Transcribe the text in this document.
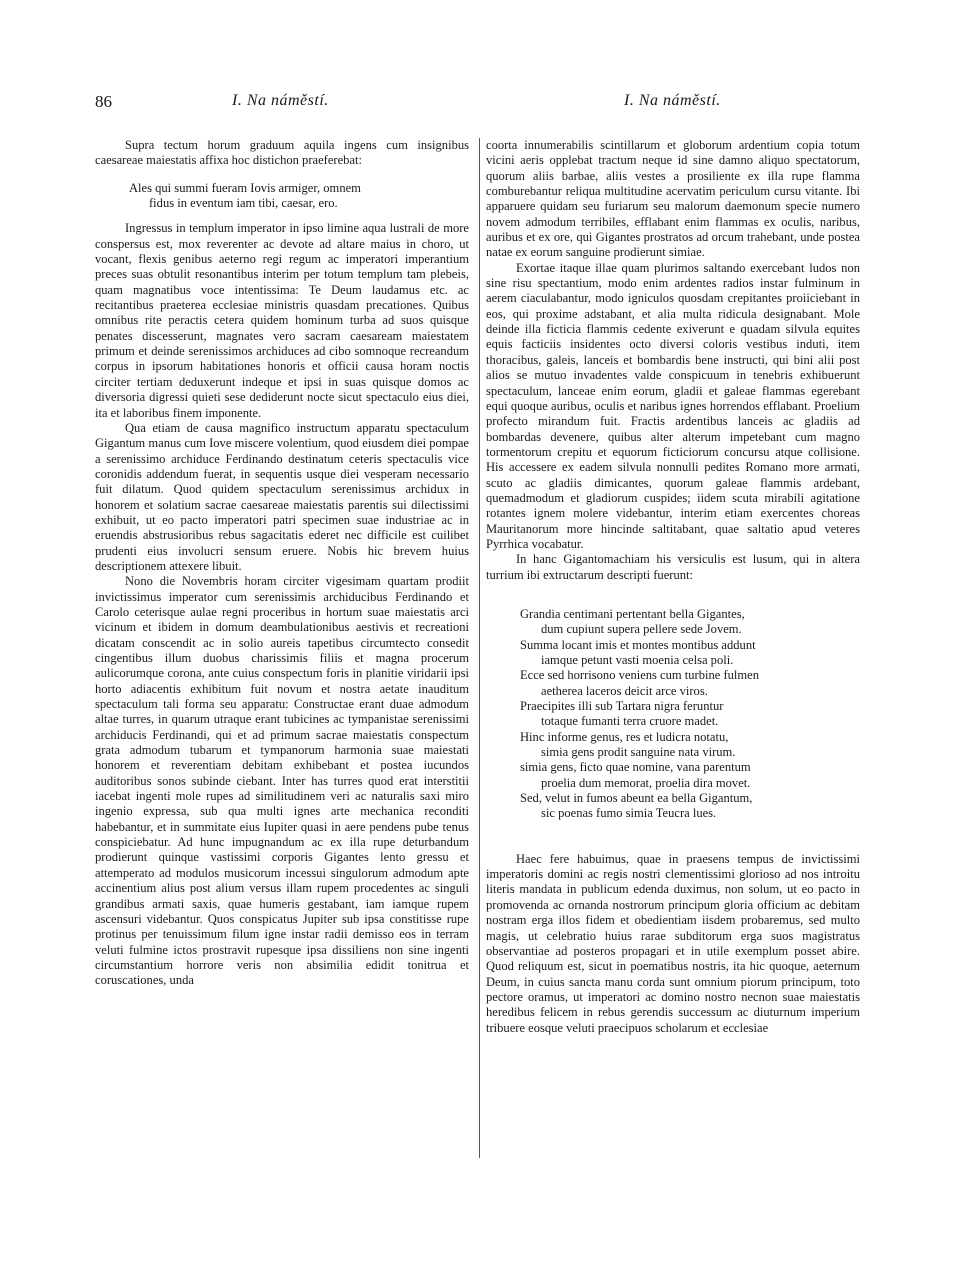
86	I. Na náměstí.	I. Na náměstí.

Supra tectum horum graduum aquila ingens cum insignibus caesareae maiestatis affixa hoc distichon praeferebat:

Ales qui summi fueram Iovis armiger, omnem
fidus in eventum iam tibi, caesar, ero.

Ingressus in templum imperator in ipso limine aqua lustrali de more conspersus est, mox reverenter ac devote ad altare maius in choro, ut vocant, flexis genibus aeterno regi regum ac imperatori imperantium preces suas obtulit resonantibus interim per totum templum tam plebeis, quam magnatibus voce intentissima: Te Deum laudamus etc. ac recitantibus praeterea ecclesiae ministris quasdam precationes. Quibus omnibus rite peractis cetera quidem hominum turba ad suos quisque penates discesserunt, magnates vero sacram caesaream maiestatem primum et deinde serenissimos archiduces ad cibo somnoque recreandum corpus in ipsorum habitationes honoris et officii causa horam noctis circiter tertiam deduxerunt indeque et ipsi in suas quisque domos ac diversoria digressi quieti sese dediderunt nocte sicut spectaculo eius diei, ita et laboribus finem imponente.

Qua etiam de causa magnifico instructum apparatu spectaculum Gigantum manus cum Iove miscere volentium, quod eiusdem diei pompae a serenissimo archiduce Ferdinando destinatum ceteris spectaculis vice coronidis addendum fuerat, in sequentis usque diei vesperam necessario fuit dilatum. Quod quidem spectaculum serenissimus archidux in honorem et solatium sacrae caesareae maiestatis parentis sui dilectissimi exhibuit, ut eo pacto imperatori patri specimen suae industriae ac in eruendis abstrusioribus rebus sagacitatis ederet nec difficile est cuilibet prudenti eius involucri sensum eruere. Nobis hic brevem huius descriptionem attexere libuit.

Nono die Novembris horam circiter vigesimam quartam prodiit invictissimus imperator cum serenissimis archiducibus Ferdinando et Carolo ceterisque aulae regni proceribus in hortum suae maiestatis arci vicinum et ibidem in domum deambulationibus aestivis et recreationi dicatam conscendit ac in solio aureis tapetibus circumtecto consedit cingentibus illum duobus charissimis filiis et magna procerum aulicorumque corona, ante cuius conspectum foris in planitie viridarii ipsi horto adiacentis exhibitum fuit novum et nostra aetate inauditum spectaculum tali forma seu apparatu: Constructae erant duae admodum altae turres, in quarum utraque erant tubicines ac tympanistae serenissimi archiducis Ferdinandi, qui et ad primum sacrae maiestatis conspectum grata admodum tubarum et tympanorum harmonia suae maiestati honorem et reverentiam debitam exhibebant et postea iucundos auditoribus sonos subinde ciebant. Inter has turres quod erat interstitii iacebat ingenti mole rupes ad similitudinem veri ac naturalis saxi miro ingenio expressa, sub qua multi ignes arte mechanica reconditi habebantur, et in summitate eius Iupiter quasi in aere pendens pube tenus conspiciebatur. Ad hunc impugnandum ac ex illa rupe deturbandum prodierunt quinque vastissimi corporis Gigantes lento gressu et attemperato ad modulos musicorum incessui singulorum admodum apte accinentium alius post alium versus illam rupem procedentes ac singuli grandibus armati saxis, quae humeris gestabant, iam iamque rupem ascensuri videbantur. Quos conspicatus Jupiter sub ipsa constitisse rupe protinus per tenuissimum filum igne instar radii demisso eos in terram veluti fulmine ictos prostravit rupesque ipsa dissiliens non sine ingenti circumstantium horrore veris non absimilia edidit tonitrua et coruscationes, unda

coorta innumerabilis scintillarum et globorum ardentium copia totum vicini aeris opplebat tractum neque id sine damno aliquo spectatorum, quorum aliis barbae, aliis vestes a prosiliente ex illa rupe flamma comburebantur reliqua multitudine acervatim periculum cursu vitante. Ibi apparuere quidam seu furiarum seu malorum daemonum specie numero novem admodum terribiles, efflabant enim flammas ex oculis, naribus, auribus et ex ore, qui Gigantes prostratos ad orcum trahebant, unde postea natae ex eorum sanguine prodierunt simiae.

Exortae itaque illae quam plurimos saltando exercebant ludos non sine risu spectantium, modo enim ardentes radios instar fulminum in aerem ciaculabantur, modo igniculos quosdam crepitantes proiiciebant in eos, qui proxime adstabant, et alia multa ridicula designabant. Mole deinde illa ficticia flammis cedente exiverunt e quadam silvula equites equis facticiis insidentes octo diversi coloris vestibus induti, item thoracibus, galeis, lanceis et bombardis bene instructi, qui bini alii post alios se mutuo invadentes valde conspicuum in tenebris exhibuerunt spectaculum, lanceae enim eorum, gladii et galeae flammas egerebant equi quoque auribus, oculis et naribus ignes horrendos efflabant. Proelium profecto mirandum fuit. Fractis ardentibus lanceis ac gladiis ad bombardas devenere, quibus alter alterum impetebant cum magno tormentorum crepitu et equorum ficticiorum concursu atque collisione. His accessere ex eadem silvula nonnulli pedites Romano more armati, scuto ac gladiis dimicantes, quorum galeae flammis ardebant, quemadmodum et gladiorum cuspides; iidem scuta mirabili agitatione rotantes ignem molere videbantur, interim etiam exercentes choreas Mauritanorum more hincinde saltitabant, quae saltatio apud veteres Pyrrhica vocabatur.

In hanc Gigantomachiam his versiculis est lusum, qui in altera turrium ibi extructarum descripti fuerunt:

Grandia centimani pertentant bella Gigantes,
dum cupiunt supera pellere sede Jovem.
Summa locant imis et montes montibus addunt
iamque petunt vasti moenia celsa poli.
Ecce sed horrisono veniens cum turbine fulmen
aetherea laceros deicit arce viros.
Praecipites illi sub Tartara nigra feruntur
totaque fumanti terra cruore madet.
Hinc informe genus, res et ludicra notatu,
simia gens prodit sanguine nata virum.
simia gens, ficto quae nomine, vana parentum
proelia dum memorat, proelia dira movet.
Sed, velut in fumos abeunt ea bella Gigantum,
sic poenas fumo simia Teucra lues.

Haec fere habuimus, quae in praesens tempus de invictissimi imperatoris domini ac regis nostri clementissimi glorioso ad nos introitu literis mandata in publicum edenda duximus, non solum, ut eo pacto in promovenda ac ornanda nostrorum principum gloria officium ac debitam nostram erga illos fidem et obedientiam iisdem probaremus, sed multo magis, ut celebratio huius rarae subditorum erga suos magistratus observantiae ad posteros propagari et in utile exemplum posset abire. Quod reliquum est, sicut in poematibus nostris, ita hic quoque, aeternum Deum, in cuius sancta manu corda sunt omnium piorum principum, toto pectore oramus, ut imperatori ac domino nostro necnon suae maiestatis heredibus felicem in rebus gerendis successum ac diuturnum imperium tribuere eosque veluti praecipuos scholarum et ecclesiae
